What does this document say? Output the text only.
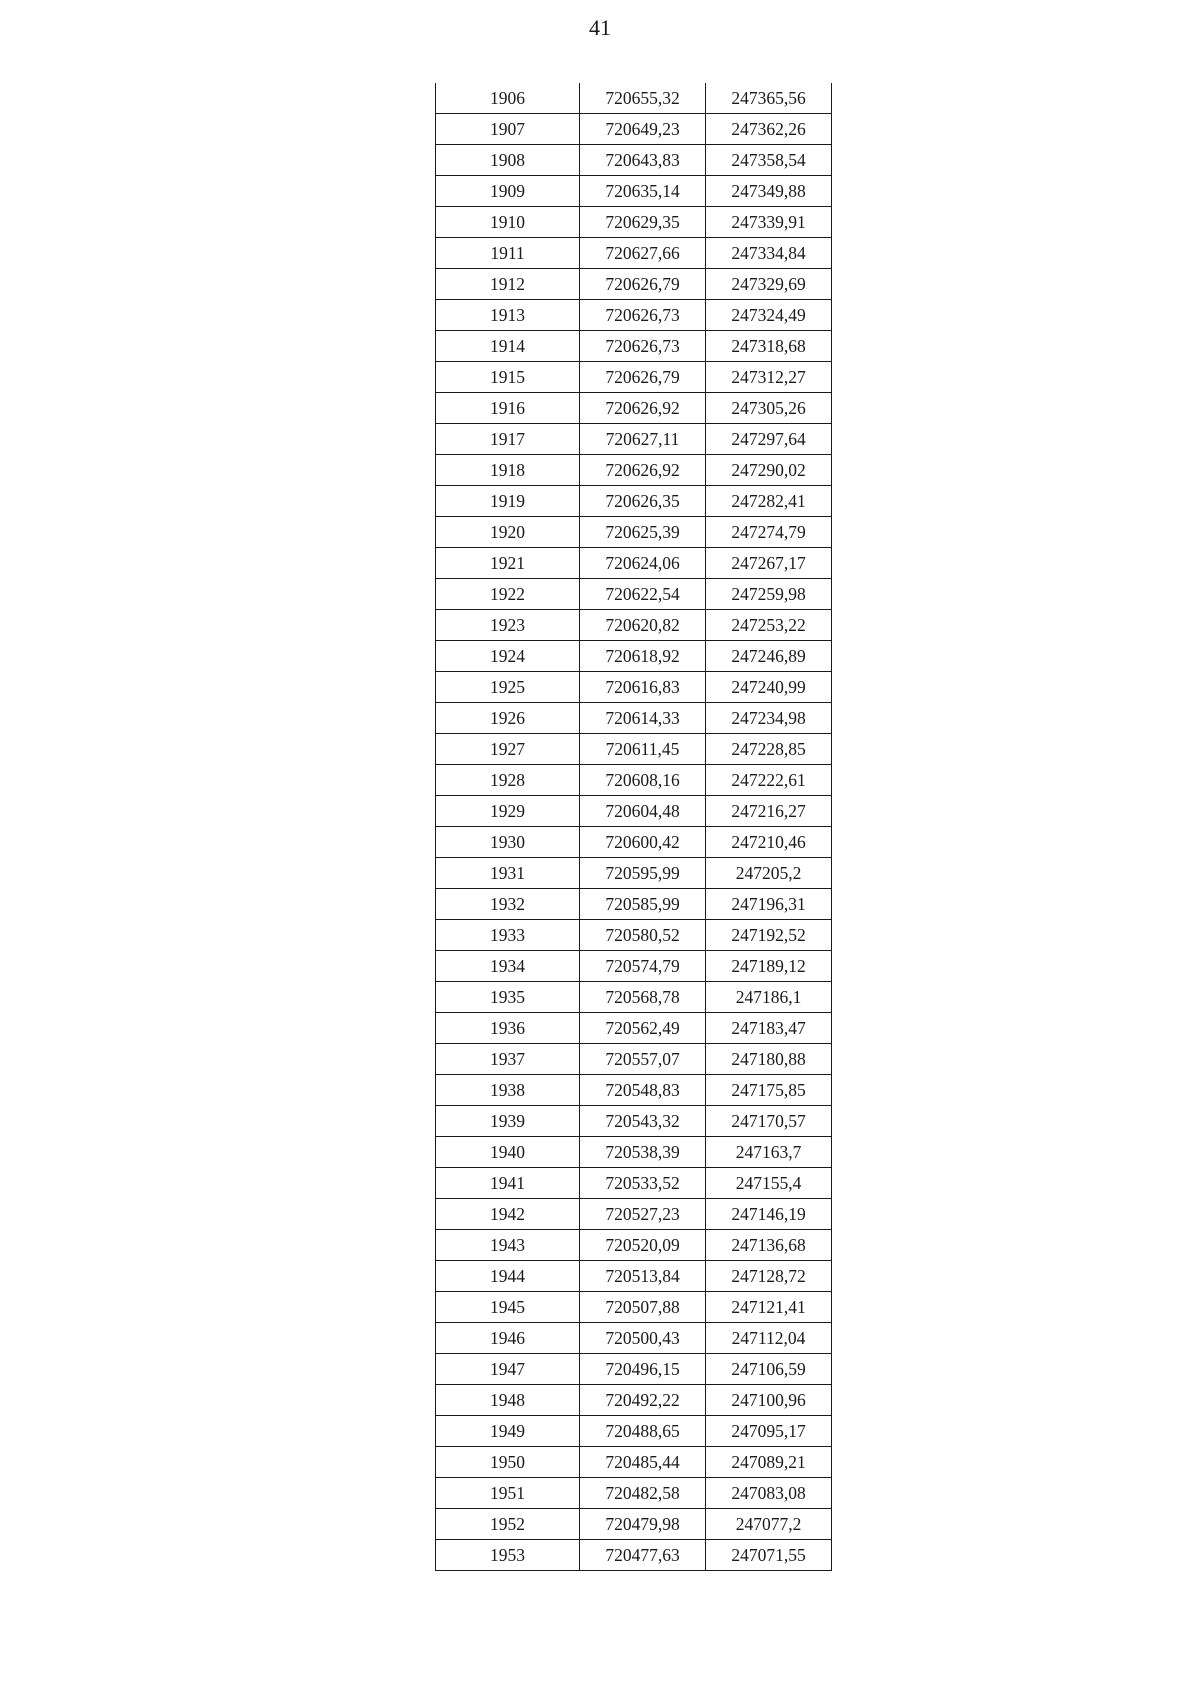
41
1906	720655,32	247365,56
1907	720649,23	247362,26
1908	720643,83	247358,54
1909	720635,14	247349,88
1910	720629,35	247339,91
1911	720627,66	247334,84
1912	720626,79	247329,69
1913	720626,73	247324,49
1914	720626,73	247318,68
1915	720626,79	247312,27
1916	720626,92	247305,26
1917	720627,11	247297,64
1918	720626,92	247290,02
1919	720626,35	247282,41
1920	720625,39	247274,79
1921	720624,06	247267,17
1922	720622,54	247259,98
1923	720620,82	247253,22
1924	720618,92	247246,89
1925	720616,83	247240,99
1926	720614,33	247234,98
1927	720611,45	247228,85
1928	720608,16	247222,61
1929	720604,48	247216,27
1930	720600,42	247210,46
1931	720595,99	247205,2
1932	720585,99	247196,31
1933	720580,52	247192,52
1934	720574,79	247189,12
1935	720568,78	247186,1
1936	720562,49	247183,47
1937	720557,07	247180,88
1938	720548,83	247175,85
1939	720543,32	247170,57
1940	720538,39	247163,7
1941	720533,52	247155,4
1942	720527,23	247146,19
1943	720520,09	247136,68
1944	720513,84	247128,72
1945	720507,88	247121,41
1946	720500,43	247112,04
1947	720496,15	247106,59
1948	720492,22	247100,96
1949	720488,65	247095,17
1950	720485,44	247089,21
1951	720482,58	247083,08
1952	720479,98	247077,2
1953	720477,63	247071,55
